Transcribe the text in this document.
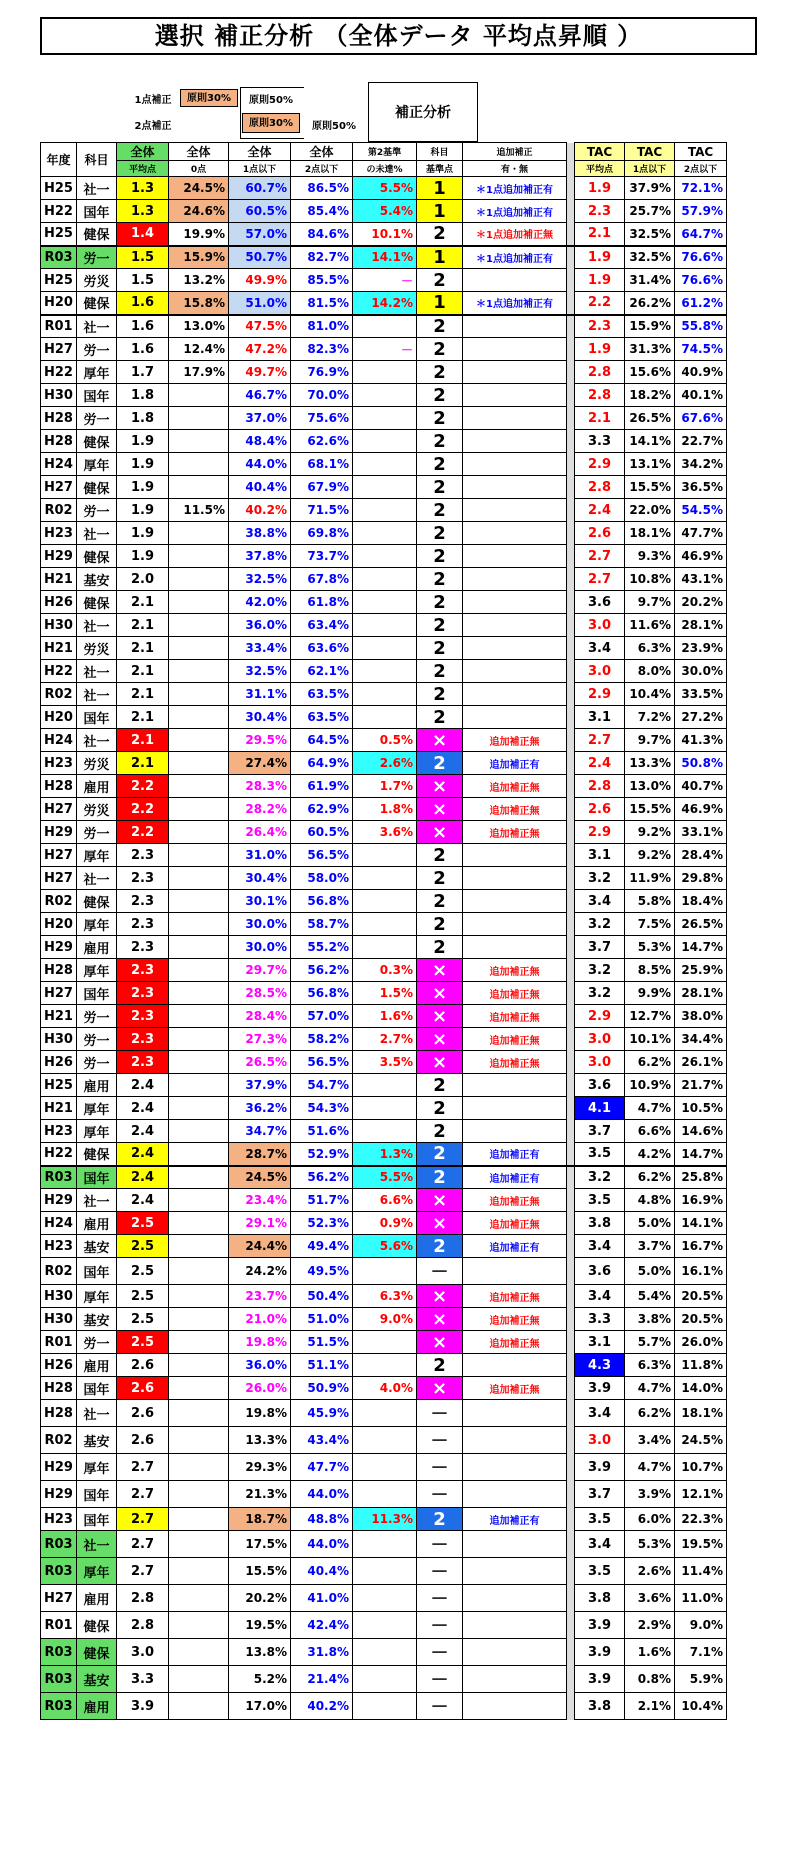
選択 補正分析 （全体データ 平均点昇順 ）
1点補正	原則30%	原則50%
2点補正	原則30%	原則50%
補正分析
年度	科目	全体	全体	全体	全体	第2基準	科目	追加補正		TAC	TAC	TAC
		平均点	0点	1点以下	2点以下	の未達%	基準点	有・無		平均点	1点以下	2点以下
H25	社一	1.3	24.5%	60.7%	86.5%	5.5%	1	＊1点追加補正有		1.9	37.9%	72.1%
H22	国年	1.3	24.6%	60.5%	85.4%	5.4%	1	＊1点追加補正有		2.3	25.7%	57.9%
H25	健保	1.4	19.9%	57.0%	84.6%	10.1%	2	＊1点追加補正無		2.1	32.5%	64.7%
R03	労一	1.5	15.9%	50.7%	82.7%	14.1%	1	＊1点追加補正有		1.9	32.5%	76.6%
H25	労災	1.5	13.2%	49.9%	85.5%	－	2			1.9	31.4%	76.6%
H20	健保	1.6	15.8%	51.0%	81.5%	14.2%	1	＊1点追加補正有		2.2	26.2%	61.2%
R01	社一	1.6	13.0%	47.5%	81.0%		2			2.3	15.9%	55.8%
H27	労一	1.6	12.4%	47.2%	82.3%	－	2			1.9	31.3%	74.5%
H22	厚年	1.7	17.9%	49.7%	76.9%		2			2.8	15.6%	40.9%
H30	国年	1.8		46.7%	70.0%		2			2.8	18.2%	40.1%
H28	労一	1.8		37.0%	75.6%		2			2.1	26.5%	67.6%
H28	健保	1.9		48.4%	62.6%		2			3.3	14.1%	22.7%
H24	厚年	1.9		44.0%	68.1%		2			2.9	13.1%	34.2%
H27	健保	1.9		40.4%	67.9%		2			2.8	15.5%	36.5%
R02	労一	1.9	11.5%	40.2%	71.5%		2			2.4	22.0%	54.5%
H23	社一	1.9		38.8%	69.8%		2			2.6	18.1%	47.7%
H29	健保	1.9		37.8%	73.7%		2			2.7	9.3%	46.9%
H21	基安	2.0		32.5%	67.8%		2			2.7	10.8%	43.1%
H26	健保	2.1		42.0%	61.8%		2			3.6	9.7%	20.2%
H30	社一	2.1		36.0%	63.4%		2			3.0	11.6%	28.1%
H21	労災	2.1		33.4%	63.6%		2			3.4	6.3%	23.9%
H22	社一	2.1		32.5%	62.1%		2			3.0	8.0%	30.0%
R02	社一	2.1		31.1%	63.5%		2			2.9	10.4%	33.5%
H20	国年	2.1		30.4%	63.5%		2			3.1	7.2%	27.2%
H24	社一	2.1		29.5%	64.5%	0.5%	×	追加補正無		2.7	9.7%	41.3%
H23	労災	2.1		27.4%	64.9%	2.6%	2	追加補正有		2.4	13.3%	50.8%
H28	雇用	2.2		28.3%	61.9%	1.7%	×	追加補正無		2.8	13.0%	40.7%
H27	労災	2.2		28.2%	62.9%	1.8%	×	追加補正無		2.6	15.5%	46.9%
H29	労一	2.2		26.4%	60.5%	3.6%	×	追加補正無		2.9	9.2%	33.1%
H27	厚年	2.3		31.0%	56.5%		2			3.1	9.2%	28.4%
H27	社一	2.3		30.4%	58.0%		2			3.2	11.9%	29.8%
R02	健保	2.3		30.1%	56.8%		2			3.4	5.8%	18.4%
H20	厚年	2.3		30.0%	58.7%		2			3.2	7.5%	26.5%
H29	雇用	2.3		30.0%	55.2%		2			3.7	5.3%	14.7%
H28	厚年	2.3		29.7%	56.2%	0.3%	×	追加補正無		3.2	8.5%	25.9%
H27	国年	2.3		28.5%	56.8%	1.5%	×	追加補正無		3.2	9.9%	28.1%
H21	労一	2.3		28.4%	57.0%	1.6%	×	追加補正無		2.9	12.7%	38.0%
H30	労一	2.3		27.3%	58.2%	2.7%	×	追加補正無		3.0	10.1%	34.4%
H26	労一	2.3		26.5%	56.5%	3.5%	×	追加補正無		3.0	6.2%	26.1%
H25	雇用	2.4		37.9%	54.7%		2			3.6	10.9%	21.7%
H21	厚年	2.4		36.2%	54.3%		2			4.1	4.7%	10.5%
H23	厚年	2.4		34.7%	51.6%		2			3.7	6.6%	14.6%
H22	健保	2.4		28.7%	52.9%	1.3%	2	追加補正有		3.5	4.2%	14.7%
R03	国年	2.4		24.5%	56.2%	5.5%	2	追加補正有		3.2	6.2%	25.8%
H29	社一	2.4		23.4%	51.7%	6.6%	×	追加補正無		3.5	4.8%	16.9%
H24	雇用	2.5		29.1%	52.3%	0.9%	×	追加補正無		3.8	5.0%	14.1%
H23	基安	2.5		24.4%	49.4%	5.6%	2	追加補正有		3.4	3.7%	16.7%
R02	国年	2.5		24.2%	49.5%		－			3.6	5.0%	16.1%
H30	厚年	2.5		23.7%	50.4%	6.3%	×	追加補正無		3.4	5.4%	20.5%
H30	基安	2.5		21.0%	51.0%	9.0%	×	追加補正無		3.3	3.8%	20.5%
R01	労一	2.5		19.8%	51.5%		×	追加補正無		3.1	5.7%	26.0%
H26	雇用	2.6		36.0%	51.1%		2			4.3	6.3%	11.8%
H28	国年	2.6		26.0%	50.9%	4.0%	×	追加補正無		3.9	4.7%	14.0%
H28	社一	2.6		19.8%	45.9%		－			3.4	6.2%	18.1%
R02	基安	2.6		13.3%	43.4%		－			3.0	3.4%	24.5%
H29	厚年	2.7		29.3%	47.7%		－			3.9	4.7%	10.7%
H29	国年	2.7		21.3%	44.0%		－			3.7	3.9%	12.1%
H23	国年	2.7		18.7%	48.8%	11.3%	2	追加補正有		3.5	6.0%	22.3%
R03	社一	2.7		17.5%	44.0%		－			3.4	5.3%	19.5%
R03	厚年	2.7		15.5%	40.4%		－			3.5	2.6%	11.4%
H27	雇用	2.8		20.2%	41.0%		－			3.8	3.6%	11.0%
R01	健保	2.8		19.5%	42.4%		－			3.9	2.9%	9.0%
R03	健保	3.0		13.8%	31.8%		－			3.9	1.6%	7.1%
R03	基安	3.3		5.2%	21.4%		－			3.9	0.8%	5.9%
R03	雇用	3.9		17.0%	40.2%		－			3.8	2.1%	10.4%
